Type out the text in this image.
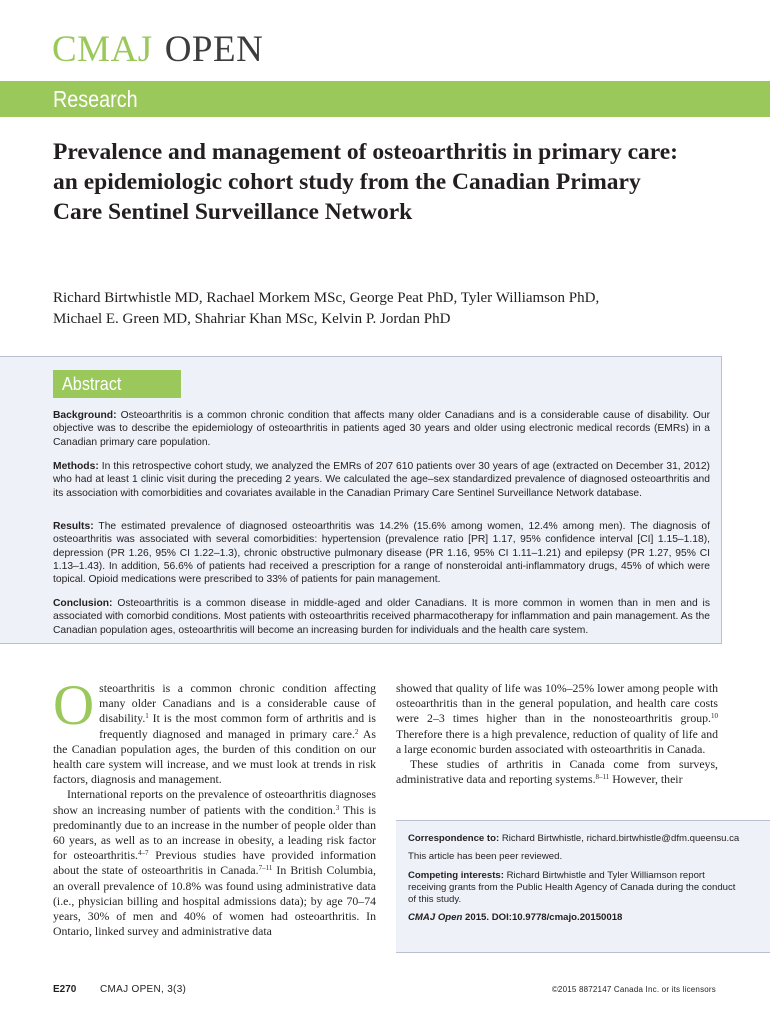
CMAJ OPEN
Research
Prevalence and management of osteoarthritis in primary care: an epidemiologic cohort study from the Canadian Primary Care Sentinel Surveillance Network
Richard Birtwhistle MD, Rachael Morkem MSc, George Peat PhD, Tyler Williamson PhD,
Michael E. Green MD, Shahriar Khan MSc, Kelvin P. Jordan PhD
Abstract

Background: Osteoarthritis is a common chronic condition that affects many older Canadians and is a considerable cause of disability. Our objective was to describe the epidemiology of osteoarthritis in patients aged 30 years and older using electronic medical records (EMRs) in a Canadian primary care population.

Methods: In this retrospective cohort study, we analyzed the EMRs of 207 610 patients over 30 years of age (extracted on December 31, 2012) who had at least 1 clinic visit during the preceding 2 years. We calculated the age–sex standardized prevalence of diagnosed osteoarthritis and its association with comorbidities and covariates available in the Canadian Primary Care Sentinel Surveillance Network database.

Results: The estimated prevalence of diagnosed osteoarthritis was 14.2% (15.6% among women, 12.4% among men). The diagnosis of osteoarthritis was associated with several comorbidities: hypertension (prevalence ratio [PR] 1.17, 95% confidence interval [CI] 1.15–1.18), depression (PR 1.26, 95% CI 1.22–1.3), chronic obstructive pulmonary disease (PR 1.16, 95% CI 1.11–1.21) and epilepsy (PR 1.27, 95% CI 1.13–1.43). In addition, 56.6% of patients had received a prescription for a range of nonsteroidal anti-inflammatory drugs, 45% of which were topical. Opioid medications were prescribed to 33% of patients for pain management.

Conclusion: Osteoarthritis is a common disease in middle-aged and older Canadians. It is more common in women than in men and is associated with comorbid conditions. Most patients with osteoarthritis received pharmacotherapy for inflammation and pain management. As the Canadian population ages, osteoarthritis will become an increasing burden for individuals and the health care system.

Osteoarthritis is a common chronic condition affecting many older Canadians and is a considerable cause of disability.$^1$ It is the most common form of arthritis and is frequently diagnosed and managed in primary care.$^2$ As the Canadian population ages, the burden of this condition on our health care system will increase, and we must look at trends in risk factors, diagnosis and management.

International reports on the prevalence of osteoarthritis diagnoses show an increasing number of patients with the condition.$^3$ This is predominantly due to an increase in the number of people older than 60 years, as well as to an increase in obesity, a leading risk factor for osteoarthritis.$^{4-7}$ Previous studies have provided information about the state of osteoarthritis in Canada.$^{7-11}$ In British Columbia, an overall prevalence of 10.8% was found using administrative data (i.e., physician billing and hospital admissions data); by age 70–74 years, 30% of men and 40% of women had osteoarthritis. In Ontario, linked survey and administrative data

showed that quality of life was 10%–25% lower among people with osteoarthritis than in the general population, and health care costs were 2–3 times higher than in the nonosteoarthritis group.$^{10}$ Therefore there is a high prevalence, reduction of quality of life and a large economic burden associated with osteoarthritis in Canada.

These studies of arthritis in Canada come from surveys, administrative data and reporting systems.$^{8-11}$ However, their

Correspondence to: Richard Birtwhistle, richard.birtwhistle@dfm.queensu.ca

This article has been peer reviewed.

Competing interests: Richard Birtwhistle and Tyler Williamson report receiving grants from the Public Health Agency of Canada during the conduct of this study.

CMAJ Open 2015. DOI:10.9778/cmajo.20150018

E270 CMAJ OPEN, 3(3)	©2015 8872147 Canada Inc. or its licensors
